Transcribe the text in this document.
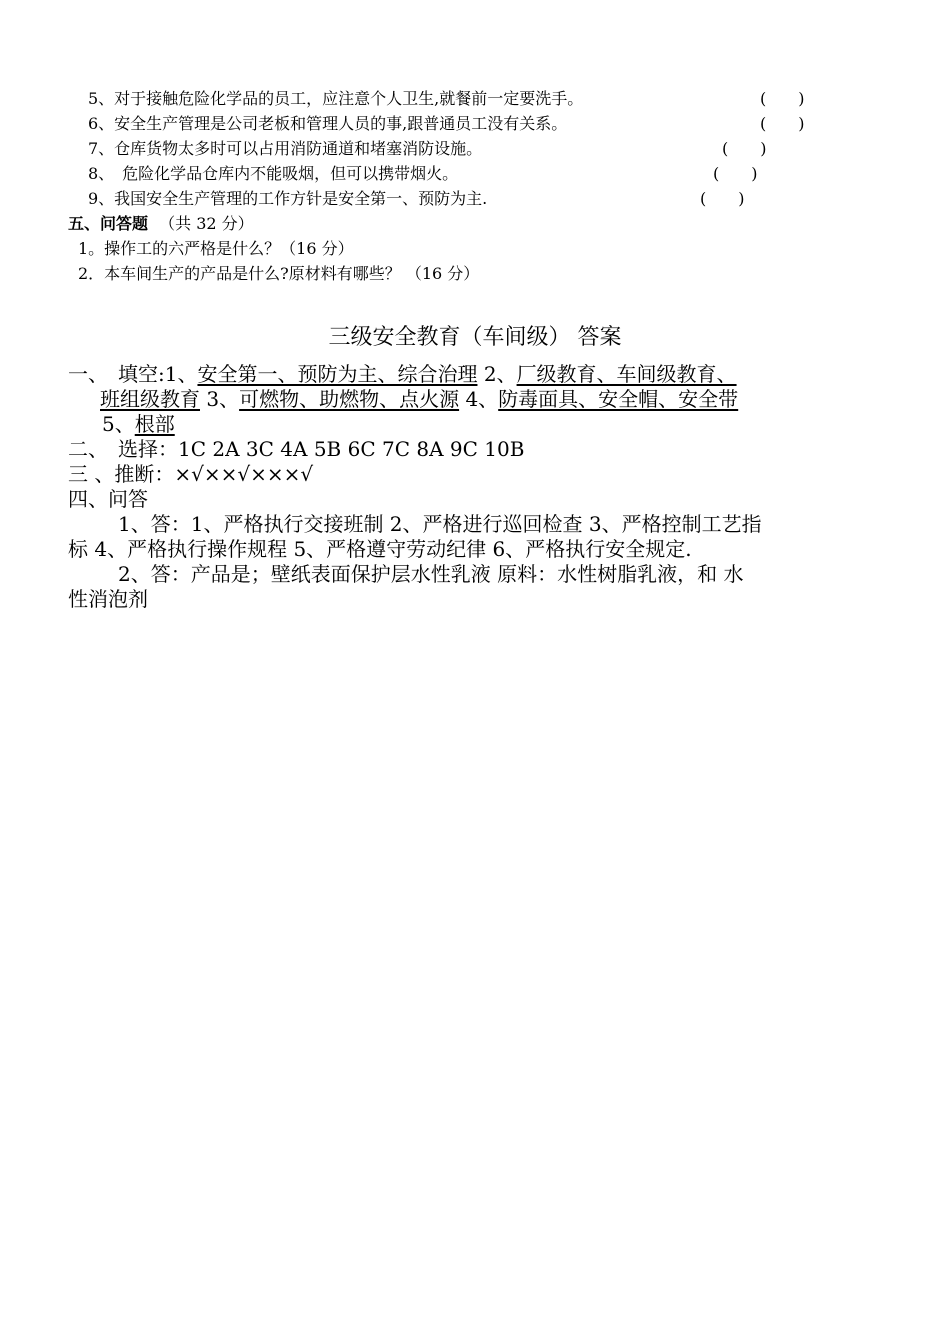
5、对于接触危险化学品的员工，应注意个人卫生,就餐前一定要洗手。	(　　)
6、安全生产管理是公司老板和管理人员的事,跟普通员工没有关系。	(　　)
7、仓库货物太多时可以占用消防通道和堵塞消防设施。	(　　)
8、　危险化学品仓库内不能吸烟，但可以携带烟火。	(　　)
9、我国安全生产管理的工作方针是安全第一、预防为主.	(　　)
五、问答题 （共 32 分）
1。操作工的六严格是什么？（16 分）
2．本车间生产的产品是什么?原材料有哪些？ （16 分）
三级安全教育（车间级） 答案
一、　填空:1、安全第一、预防为主、综合治理 2、厂级教育、车间级教育、
班组级教育 3、可燃物、助燃物、点火源 4、防毒面具、安全帽、安全带
5、根部
二、　选择：1C 2A 3C 4A 5B 6C 7C 8A 9C 10B
三 、推断：×√××√×××√
四、问答
1、答：1、严格执行交接班制 2、严格进行巡回检查 3、严格控制工艺指
标 4、严格执行操作规程 5、严格遵守劳动纪律 6、严格执行安全规定.
2、答：产品是；壁纸表面保护层水性乳液 原料：水性树脂乳液，和 水
性消泡剂
